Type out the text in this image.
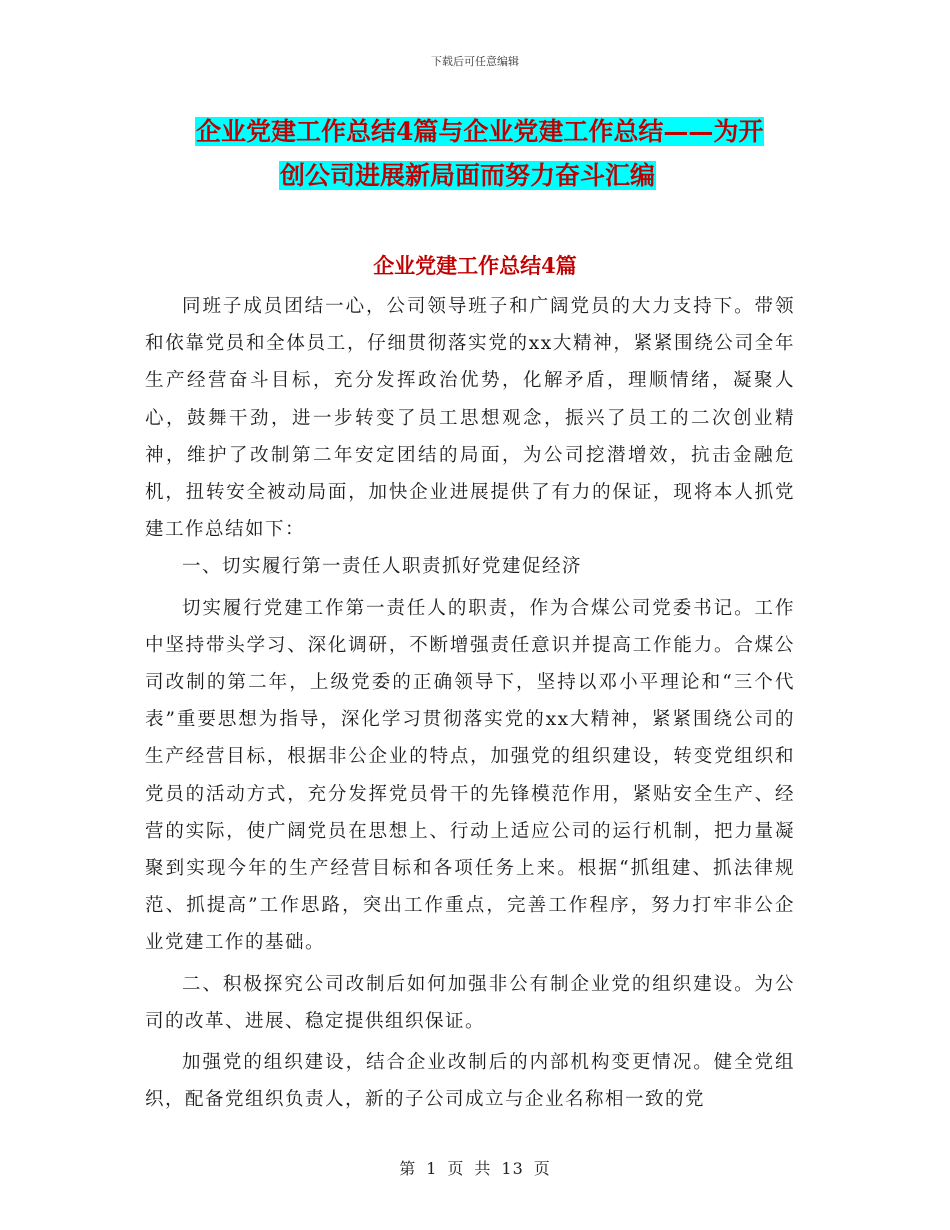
下载后可任意编辑
企业党建工作总结4篇与企业党建工作总结——为开
创公司进展新局面而努力奋斗汇编
企业党建工作总结4篇

同班子成员团结一心，公司领导班子和广阔党员的大力支持下。带领和依靠党员和全体员工，仔细贯彻落实党的xx大精神，紧紧围绕公司全年生产经营奋斗目标，充分发挥政治优势，化解矛盾，理顺情绪，凝聚人心，鼓舞干劲，进一步转变了员工思想观念，振兴了员工的二次创业精神，维护了改制第二年安定团结的局面，为公司挖潜增效，抗击金融危机，扭转安全被动局面，加快企业进展提供了有力的保证，现将本人抓党建工作总结如下：

一、切实履行第一责任人职责抓好党建促经济

切实履行党建工作第一责任人的职责，作为合煤公司党委书记。工作中坚持带头学习、深化调研，不断增强责任意识并提高工作能力。合煤公司改制的第二年，上级党委的正确领导下，坚持以邓小平理论和“三个代表”重要思想为指导，深化学习贯彻落实党的xx大精神，紧紧围绕公司的生产经营目标，根据非公企业的特点，加强党的组织建设，转变党组织和党员的活动方式，充分发挥党员骨干的先锋模范作用，紧贴安全生产、经营的实际，使广阔党员在思想上、行动上适应公司的运行机制，把力量凝聚到实现今年的生产经营目标和各项任务上来。根据“抓组建、抓法律规范、抓提高”工作思路，突出工作重点，完善工作程序，努力打牢非公企业党建工作的基础。

二、积极探究公司改制后如何加强非公有制企业党的组织建设。为公司的改革、进展、稳定提供组织保证。

加强党的组织建设，结合企业改制后的内部机构变更情况。健全党组织，配备党组织负责人，新的子公司成立与企业名称相一致的党

第 1 页 共 13 页
